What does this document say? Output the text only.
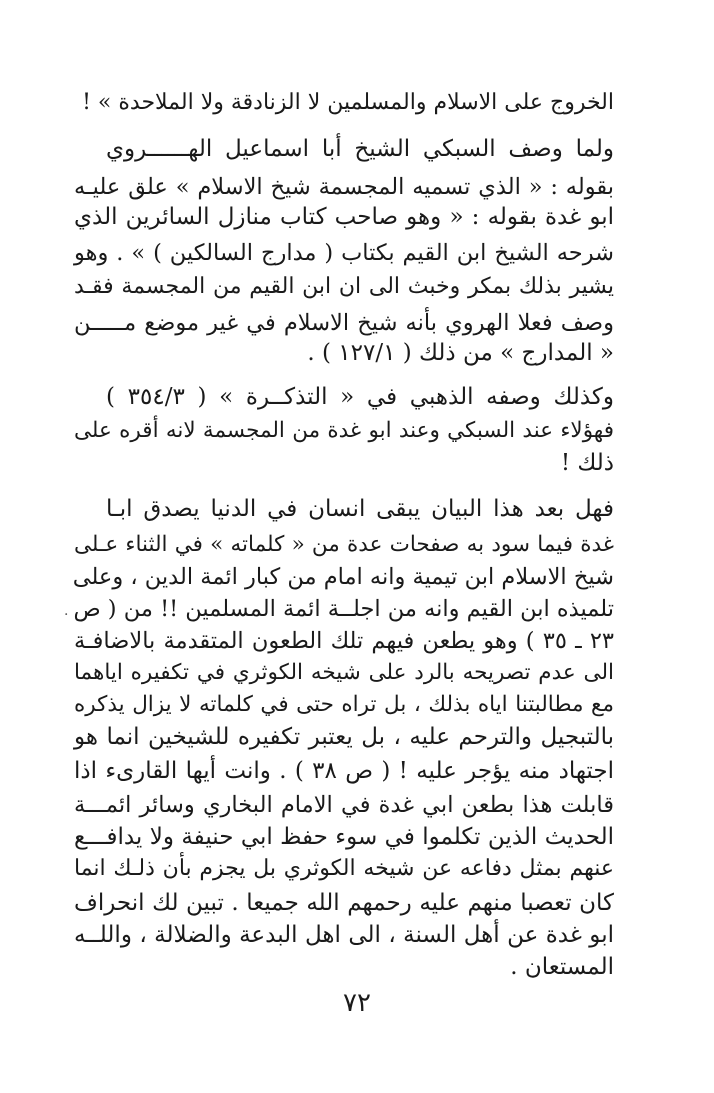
الخروج على الاسلام والمسلمين لا الزنادقة ولا الملاحدة » !
ولما وصف السبكي الشيخ أبا اسماعيل الهــــــروي
بقوله : « الذي تسميه المجسمة شيخ الاسلام » علق عليـه
ابو غدة بقوله : « وهو صاحب كتاب منازل السائرين الذي
شرحه الشيخ ابن القيم بكتاب ( مدارج السالكين ) » . وهو
يشير بذلك بمكر وخبث الى ان ابن القيم من المجسمة فقـد
وصف فعلا الهروي بأنه شيخ الاسلام في غير موضع مـــــن
« المدارج » من ذلك ( ١٢٧/١ ) .
وكذلك وصفه الذهبي في « التذكــرة » ( ٣٥٤/٣ )
فهؤلاء عند السبكي وعند ابو غدة من المجسمة لانه أقره على
ذلك !
فهل بعد هذا البيان يبقى انسان في الدنيا يصدق ابـا
غدة فيما سود به صفحات عدة من « كلماته » في الثناء عـلى
شيخ الاسلام ابن تيمية وانه امام من كبار ائمة الدين ، وعلى
تلميذه ابن القيم وانه من اجلــة ائمة المسلمين !! من ( ص
٢٣ ـ ٣٥ ) وهو يطعن فيهم تلك الطعون المتقدمة بالاضافـة
الى عدم تصريحه بالرد على شيخه الكوثري في تكفيره اياهما
مع مطالبتنا اياه بذلك ، بل تراه حتى في كلماته لا يزال يذكره
بالتبجيل والترحم عليه ، بل يعتبر تكفيره للشيخين انما هو
اجتهاد منه يؤجر عليه ! ( ص ٣٨ ) . وانت أيها القارىء اذا
قابلت هذا بطعن ابي غدة في الامام البخاري وسائر ائمـــة
الحديث الذين تكلموا في سوء حفظ ابي حنيفة ولا يدافـــع
عنهم بمثل دفاعه عن شيخه الكوثري بل يجزم بأن ذلـك انما
كان تعصبا منهم عليه رحمهم الله جميعا . تبين لك انحراف
ابو غدة عن أهل السنة ، الى اهل البدعة والضلالة ، واللــه
المستعان .
·
٧٢
